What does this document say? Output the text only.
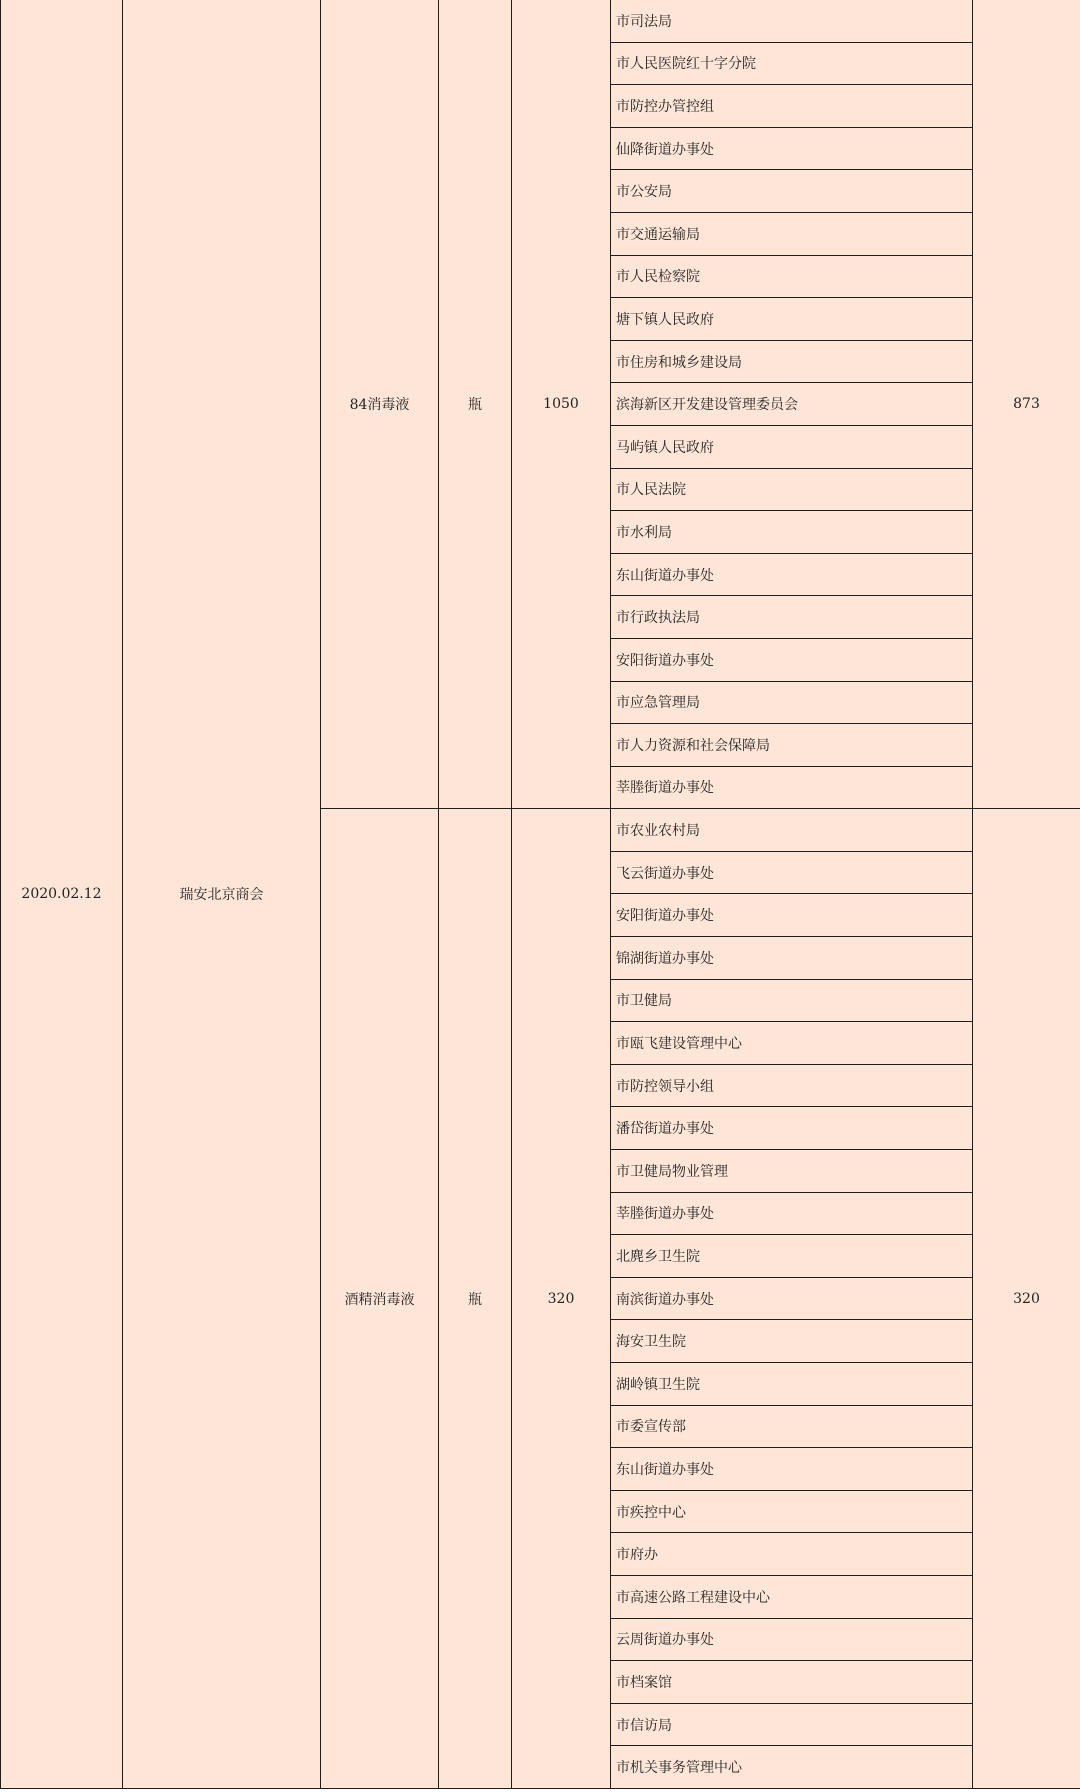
2020.02.12	瑞安北京商会	84消毒液	瓶	1050	市司法局	873
					市人民医院红十字分院	
					市防控办管控组	
					仙降街道办事处	
					市公安局	
					市交通运输局	
					市人民检察院	
					塘下镇人民政府	
					市住房和城乡建设局	
					滨海新区开发建设管理委员会	
					马屿镇人民政府	
					市人民法院	
					市水利局	
					东山街道办事处	
					市行政执法局	
					安阳街道办事处	
					市应急管理局	
					市人力资源和社会保障局	
					莘塍街道办事处	
		酒精消毒液	瓶	320	市农业农村局	320
					飞云街道办事处	
					安阳街道办事处	
					锦湖街道办事处	
					市卫健局	
					市瓯飞建设管理中心	
					市防控领导小组	
					潘岱街道办事处	
					市卫健局物业管理	
					莘塍街道办事处	
					北麂乡卫生院	
					南滨街道办事处	
					海安卫生院	
					湖岭镇卫生院	
					市委宣传部	
					东山街道办事处	
					市疾控中心	
					市府办	
					市高速公路工程建设中心	
					云周街道办事处	
					市档案馆	
					市信访局	
					市机关事务管理中心	
